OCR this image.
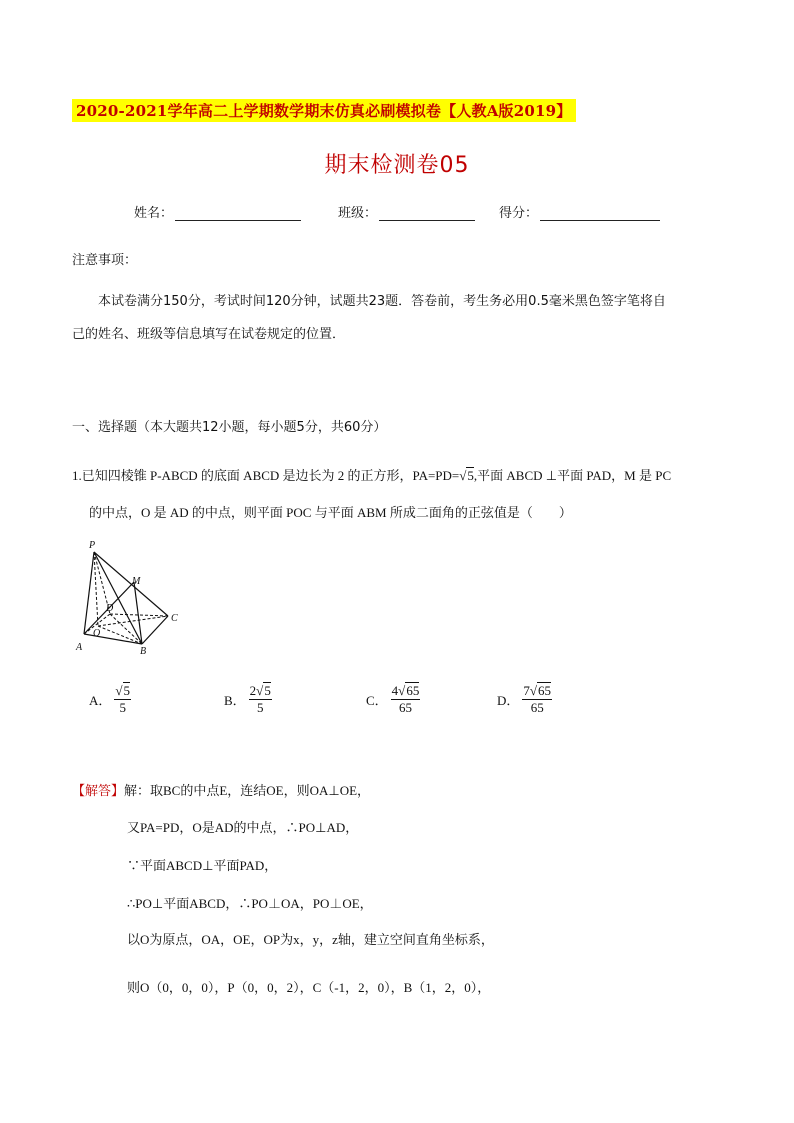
2020-2021学年高二上学期数学期末仿真必刷模拟卷【人教A版2019】
期末检测卷05
姓名：	班级：	得分：
注意事项：
本试卷满分150分，考试时间120分钟，试题共23题．答卷前，考生务必用0.5毫米黑色签字笔将自
己的姓名、班级等信息填写在试卷规定的位置．
一、选择题（本大题共12小题，每小题5分，共60分）
1.已知四棱锥 P-ABCD 的底面 ABCD 是边长为 2 的正方形，PA=PD=√5,平面 ABCD ⊥平面 PAD，M 是 PC
的中点，O 是 AD 的中点，则平面 POC 与平面 ABM 所成二面角的正弦值是（　　）
P
M
D
C
O
A	B
A． $\frac{√5}{5}$	B． $\frac{2√5}{5}$	C． $\frac{4√65}{65}$	D． $\frac{7√65}{65}$
【解答】解：取BC的中点E，连结OE，则OA⊥OE，
又PA=PD，O是AD的中点，∴PO⊥AD，
∵平面ABCD⊥平面PAD，
∴PO⊥平面ABCD，∴PO⊥OA，PO⊥OE，
以O为原点，OA，OE，OP为x，y，z轴，建立空间直角坐标系，
则O（0，0，0），P（0，0，2），C（-1，2，0），B（1，2，0），
